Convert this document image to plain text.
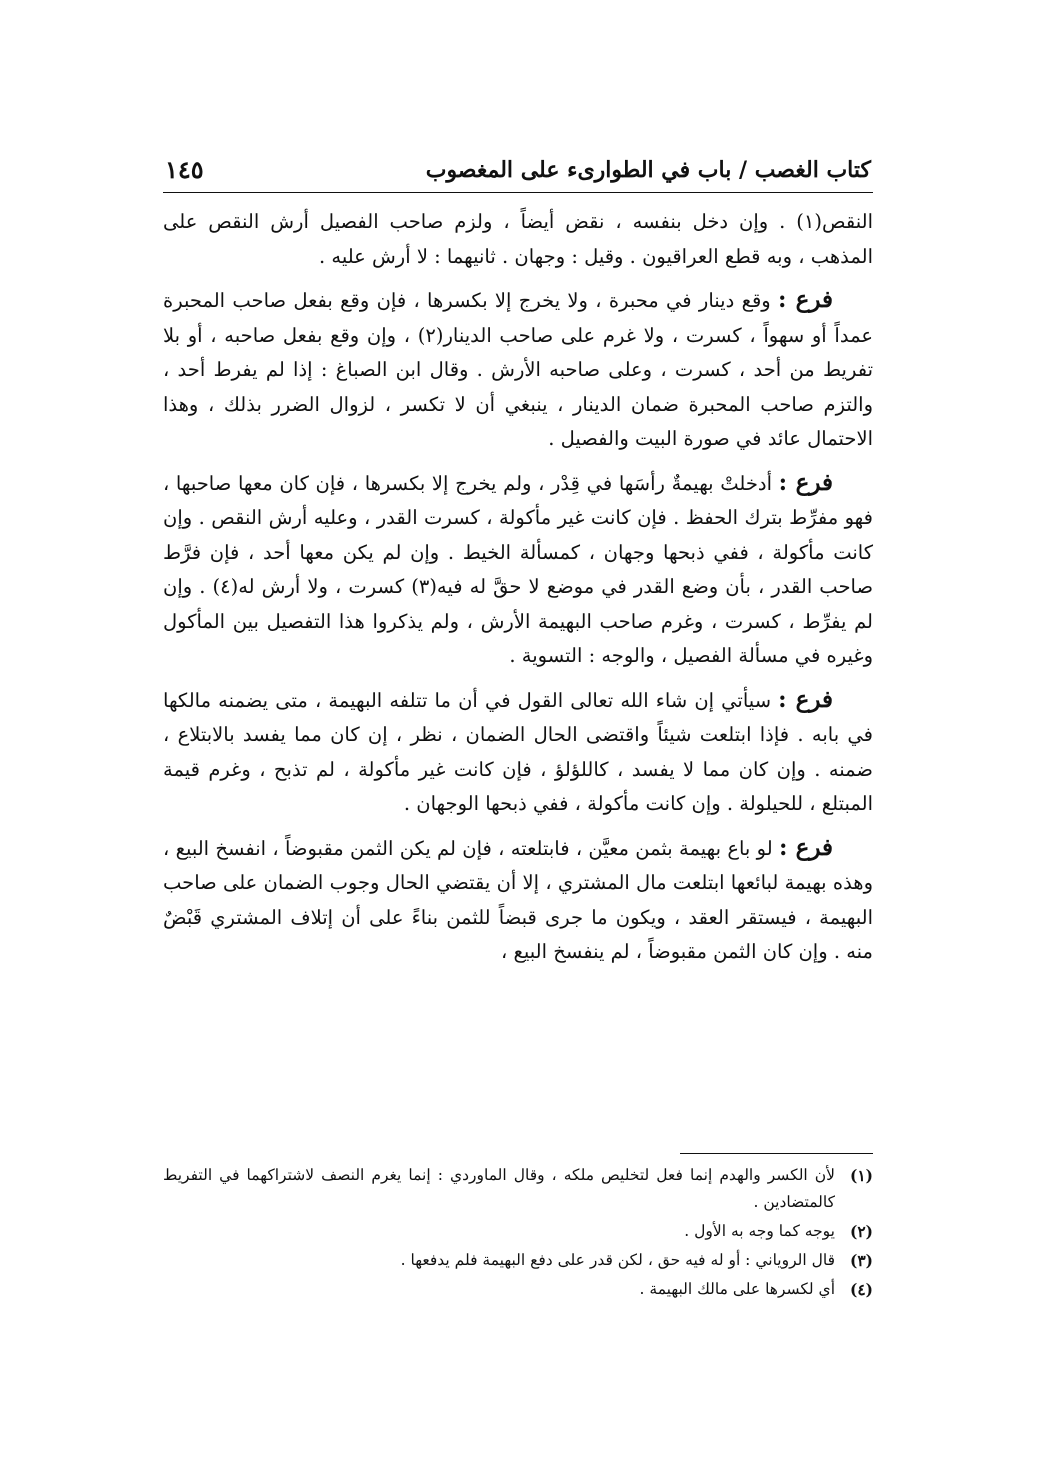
كتاب الغصب / باب في الطوارىء على المغصوب
١٤٥

النقص(١) . وإن دخل بنفسه ، نقض أيضاً ، ولزم صاحب الفصيل أرش النقص على المذهب ، وبه قطع العراقيون . وقيل : وجهان . ثانيهما : لا أرش عليه .

فرع : وقع دينار في محبرة ، ولا يخرج إلا بكسرها ، فإن وقع بفعل صاحب المحبرة عمداً أو سهواً ، كسرت ، ولا غرم على صاحب الدينار(٢) ، وإن وقع بفعل صاحبه ، أو بلا تفريط من أحد ، كسرت ، وعلى صاحبه الأرش . وقال ابن الصباغ : إذا لم يفرط أحد ، والتزم صاحب المحبرة ضمان الدينار ، ينبغي أن لا تكسر ، لزوال الضرر بذلك ، وهذا الاحتمال عائد في صورة البيت والفصيل .

فرع : أدخلتْ بهيمةٌ رأسَها في قِدْر ، ولم يخرج إلا بكسرها ، فإن كان معها صاحبها ، فهو مفرِّط بترك الحفظ . فإن كانت غير مأكولة ، كسرت القدر ، وعليه أرش النقص . وإن كانت مأكولة ، ففي ذبحها وجهان ، كمسألة الخيط . وإن لم يكن معها أحد ، فإن فرَّط صاحب القدر ، بأن وضع القدر في موضع لا حقَّ له فيه(٣) كسرت ، ولا أرش له(٤) . وإن لم يفرِّط ، كسرت ، وغرم صاحب البهيمة الأرش ، ولم يذكروا هذا التفصيل بين المأكول وغيره في مسألة الفصيل ، والوجه : التسوية .

فرع : سيأتي إن شاء الله تعالى القول في أن ما تتلفه البهيمة ، متى يضمنه مالكها في بابه . فإذا ابتلعت شيئاً واقتضى الحال الضمان ، نظر ، إن كان مما يفسد بالابتلاع ، ضمنه . وإن كان مما لا يفسد ، كاللؤلؤ ، فإن كانت غير مأكولة ، لم تذبح ، وغرم قيمة المبتلع ، للحيلولة . وإن كانت مأكولة ، ففي ذبحها الوجهان .

فرع : لو باع بهيمة بثمن معيَّن ، فابتلعته ، فإن لم يكن الثمن مقبوضاً ، انفسخ البيع ، وهذه بهيمة لبائعها ابتلعت مال المشتري ، إلا أن يقتضي الحال وجوب الضمان على صاحب البهيمة ، فيستقر العقد ، ويكون ما جرى قبضاً للثمن بناءً على أن إتلاف المشتري قَبْضٌ منه . وإن كان الثمن مقبوضاً ، لم ينفسخ البيع ،

(١)
لأن الكسر والهدم إنما فعل لتخليص ملكه ، وقال الماوردي : إنما يغرم النصف لاشتراكهما في التفريط كالمتضادين .
(٢)
يوجه كما وجه به الأول .
(٣)
قال الروياني : أو له فيه حق ، لكن قدر على دفع البهيمة فلم يدفعها .
(٤)
أي لكسرها على مالك البهيمة .
